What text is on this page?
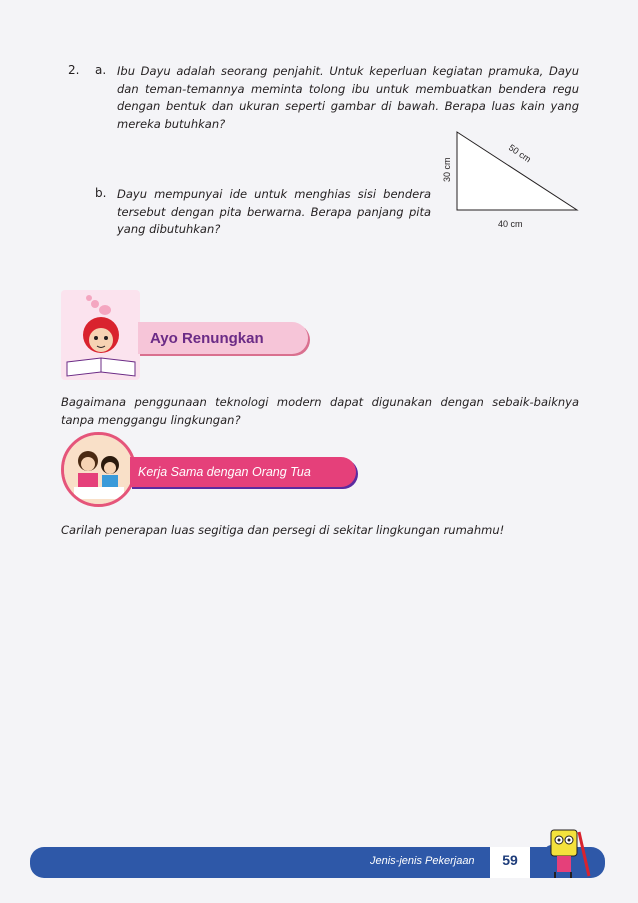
2. a. Ibu Dayu adalah seorang penjahit. Untuk keperluan kegiatan pramuka, Dayu dan teman-temannya meminta tolong ibu untuk membuatkan bendera regu dengan bentuk dan ukuran seperti gambar di bawah. Berapa luas kain yang mereka butuhkan?
30 cm
50 cm
40 cm
b. Dayu mempunyai ide untuk menghias sisi bendera tersebut dengan pita berwarna. Berapa panjang pita yang dibutuhkan?
Ayo Renungkan
Bagaimana penggunaan teknologi modern dapat digunakan dengan sebaik-baiknya tanpa menggangu lingkungan?
Kerja Sama dengan Orang Tua
Carilah penerapan luas segitiga dan persegi di sekitar lingkungan rumahmu!
Jenis-jenis Pekerjaan	59
